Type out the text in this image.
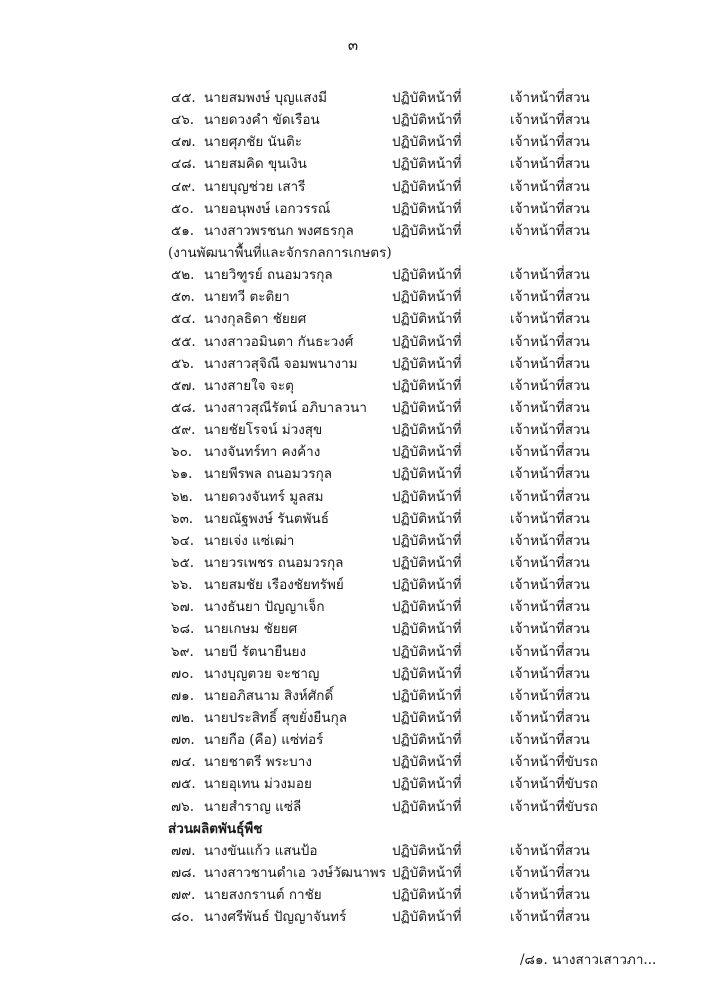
๓
๔๕. นายสมพงษ์ บุญแสงมี	ปฏิบัติหน้าที่	เจ้าหน้าที่สวน
๔๖. นายดวงคำ ขัดเรือน	ปฏิบัติหน้าที่	เจ้าหน้าที่สวน
๔๗. นายศุภชัย นันติะ	ปฏิบัติหน้าที่	เจ้าหน้าที่สวน
๔๘. นายสมคิด ขุนเงิน	ปฏิบัติหน้าที่	เจ้าหน้าที่สวน
๔๙. นายบุญช่วย เสารี	ปฏิบัติหน้าที่	เจ้าหน้าที่สวน
๕๐. นายอนุพงษ์ เอกวรรณ์	ปฏิบัติหน้าที่	เจ้าหน้าที่สวน
๕๑. นางสาวพรชนก พงศธรกุล	ปฏิบัติหน้าที่	เจ้าหน้าที่สวน
(งานพัฒนาพื้นที่และจักรกลการเกษตร)
๕๒. นายวิฑูรย์ ถนอมวรกุล	ปฏิบัติหน้าที่	เจ้าหน้าที่สวน
๕๓. นายทวี ตะติยา	ปฏิบัติหน้าที่	เจ้าหน้าที่สวน
๕๔. นางกุลธิดา ชัยยศ	ปฏิบัติหน้าที่	เจ้าหน้าที่สวน
๕๕. นางสาวอมินตา กันธะวงศ์	ปฏิบัติหน้าที่	เจ้าหน้าที่สวน
๕๖. นางสาวสุจิณี จอมพนางาม	ปฏิบัติหน้าที่	เจ้าหน้าที่สวน
๕๗. นางสายใจ จะตุ	ปฏิบัติหน้าที่	เจ้าหน้าที่สวน
๕๘. นางสาวสุณีรัตน์ อภิบาลวนา ปฏิบัติหน้าที่	เจ้าหน้าที่สวน
๕๙. นายชัยโรจน์ ม่วงสุข	ปฏิบัติหน้าที่	เจ้าหน้าที่สวน
๖๐. นางจันทร์ทา คงค้าง	ปฏิบัติหน้าที่	เจ้าหน้าที่สวน
๖๑. นายพีรพล ถนอมวรกุล	ปฏิบัติหน้าที่	เจ้าหน้าที่สวน
๖๒. นายดวงจันทร์ มูลสม	ปฏิบัติหน้าที่	เจ้าหน้าที่สวน
๖๓. นายณัฐพงษ์ รันตพันธ์	ปฏิบัติหน้าที่	เจ้าหน้าที่สวน
๖๔. นายเจ่ง แซ่เฒ่า	ปฏิบัติหน้าที่	เจ้าหน้าที่สวน
๖๕. นายวรเพชร ถนอมวรกุล	ปฏิบัติหน้าที่	เจ้าหน้าที่สวน
๖๖. นายสมชัย เรืองชัยทรัพย์	ปฏิบัติหน้าที่	เจ้าหน้าที่สวน
๖๗. นางธันยา ปัญญาเจ็ก	ปฏิบัติหน้าที่	เจ้าหน้าที่สวน
๖๘. นายเกษม ชัยยศ	ปฏิบัติหน้าที่	เจ้าหน้าที่สวน
๖๙. นายบี รัตนายืนยง	ปฏิบัติหน้าที่	เจ้าหน้าที่สวน
๗๐. นางบุญตวย จะชาญ	ปฏิบัติหน้าที่	เจ้าหน้าที่สวน
๗๑. นายอภิสนาม สิงห์ศักดิ์	ปฏิบัติหน้าที่	เจ้าหน้าที่สวน
๗๒. นายประสิทธิ์ สุขยั่งยืนกุล	ปฏิบัติหน้าที่	เจ้าหน้าที่สวน
๗๓. นายกือ (คือ) แซ่ท่อร์	ปฏิบัติหน้าที่	เจ้าหน้าที่สวน
๗๔. นายชาตรี พระบาง	ปฏิบัติหน้าที่	เจ้าหน้าที่ขับรถ
๗๕. นายอุเทน ม่วงมอย	ปฏิบัติหน้าที่	เจ้าหน้าที่ขับรถ
๗๖. นายสำราญ แซ่ลี	ปฏิบัติหน้าที่	เจ้าหน้าที่ขับรถ
ส่วนผลิตพันธุ์พืช
๗๗. นางขันแก้ว แสนป้อ	ปฏิบัติหน้าที่	เจ้าหน้าที่สวน
๗๘. นางสาวชานดำเอ วงษ์วัฒนาพร ปฏิบัติหน้าที่	เจ้าหน้าที่สวน
๗๙. นายสงกรานต์ กาชัย	ปฏิบัติหน้าที่	เจ้าหน้าที่สวน
๘๐. นางศรีพันธ์ ปัญญาจันทร์	ปฏิบัติหน้าที่	เจ้าหน้าที่สวน
/๘๑. นางสาวเสาวภา...
